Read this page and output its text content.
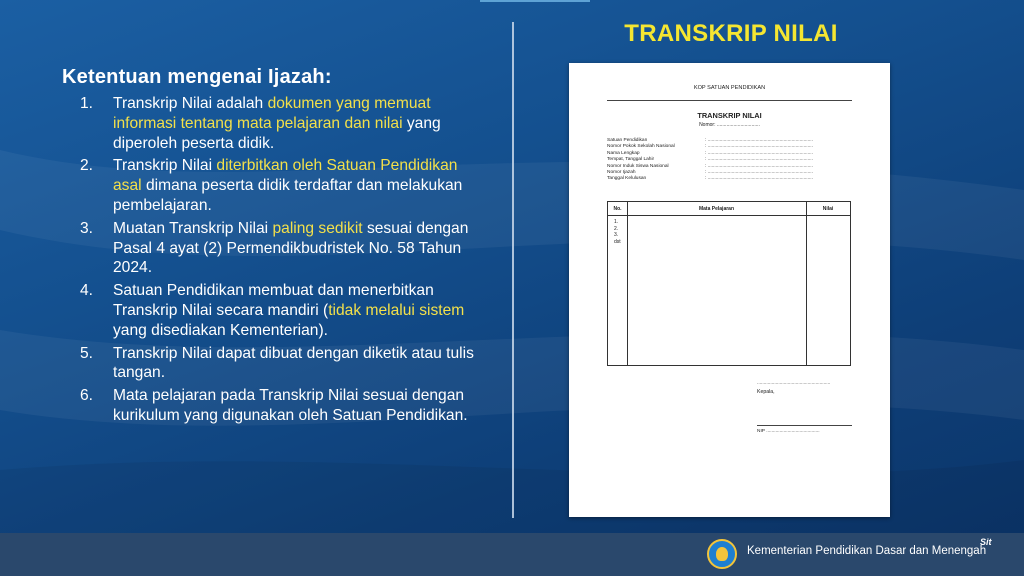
Ketentuan mengenai Ijazah:
1. Transkrip Nilai adalah dokumen yang memuat informasi tentang mata pelajaran dan nilai yang diperoleh peserta didik.
2. Transkrip Nilai diterbitkan oleh Satuan Pendidikan asal dimana peserta didik terdaftar dan melakukan pembelajaran.
3. Muatan Transkrip Nilai paling sedikit sesuai dengan Pasal 4 ayat (2) Permendikbudristek No. 58 Tahun 2024.
4. Satuan Pendidikan membuat dan menerbitkan Transkrip Nilai secara mandiri (tidak melalui sistem yang disediakan Kementerian).
5. Transkrip Nilai dapat dibuat dengan diketik atau tulis tangan.
6. Mata pelajaran pada Transkrip Nilai sesuai dengan kurikulum yang digunakan oleh Satuan Pendidikan.
TRANSKRIP NILAI
KOP SATUAN PENDIDIKAN
TRANSKRIP NILAI
Nomor: ...............................
Satuan Pendidikan	: ...............................................................................
Nomor Pokok Sekolah Nasional	: ...............................................................................
Nama Lengkap	: ...............................................................................
Tempat, Tanggal Lahir	: ...............................................................................
Nomor Induk Siswa Nasional	: ...............................................................................
Nomor Ijazah	: ...............................................................................
Tanggal Kelulusan	: ...............................................................................
No.	Mata Pelajaran	Nilai
1.
2.
3.
dst
.......................................................
Kepala,
NIP ........................................
Kementerian Pendidikan Dasar dan Menengah
Sit
